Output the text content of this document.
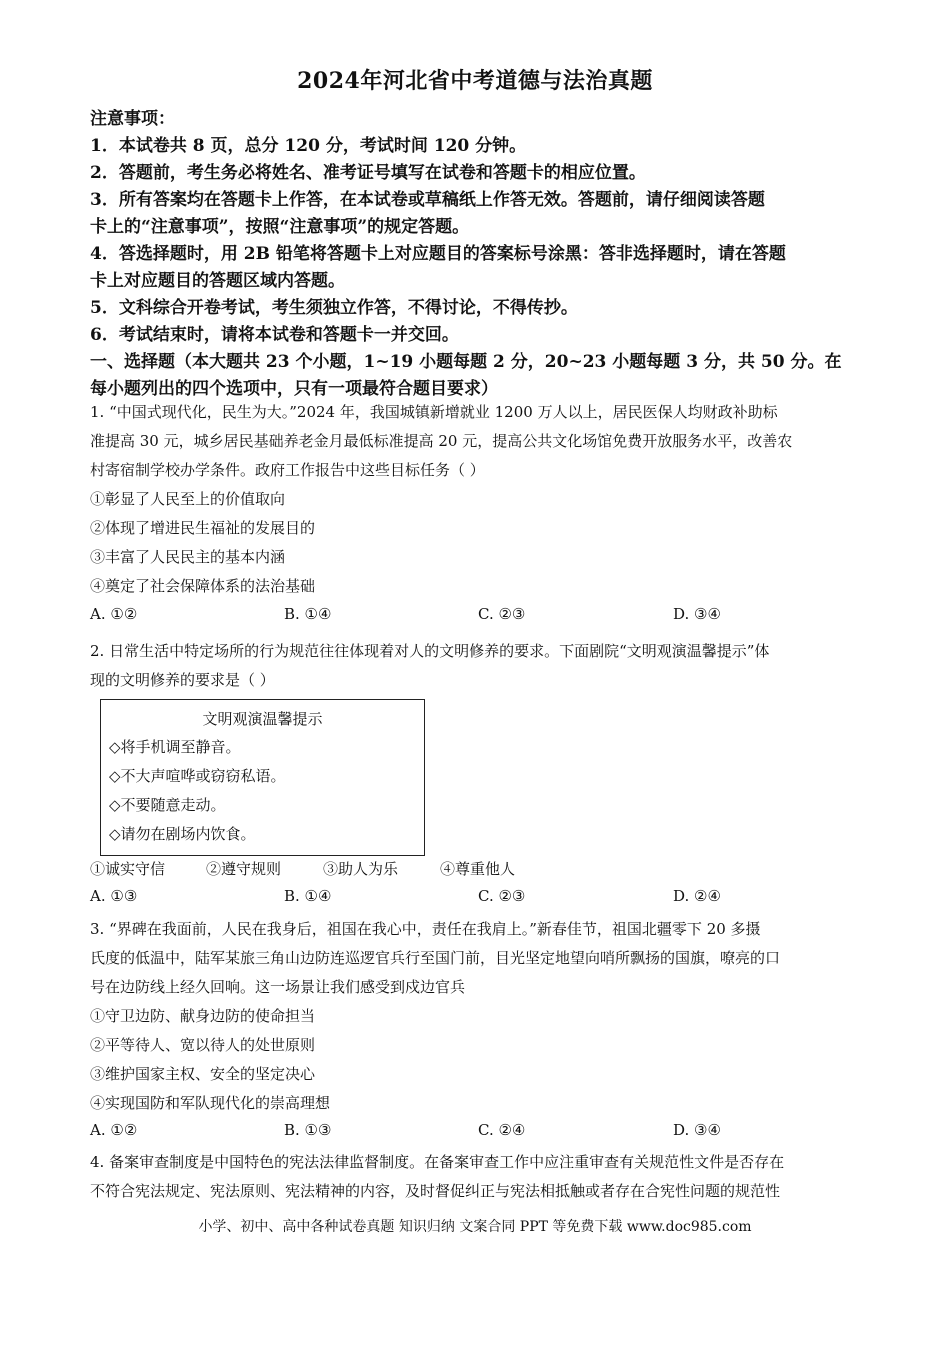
2024年河北省中考道德与法治真题
注意事项：
1．本试卷共 8 页，总分 120 分，考试时间 120 分钟。
2．答题前，考生务必将姓名、准考证号填写在试卷和答题卡的相应位置。
3．所有答案均在答题卡上作答，在本试卷或草稿纸上作答无效。答题前，请仔细阅读答题
卡上的“注意事项”，按照“注意事项”的规定答题。
4．答选择题时，用 2B 铅笔将答题卡上对应题目的答案标号涂黑：答非选择题时，请在答题
卡上对应题目的答题区域内答题。
5．文科综合开卷考试，考生须独立作答，不得讨论，不得传抄。
6．考试结束时，请将本试卷和答题卡一并交回。
一、选择题（本大题共 23 个小题，1~19 小题每题 2 分，20~23 小题每题 3 分，共 50 分。在
每小题列出的四个选项中，只有一项最符合题目要求）
1. “中国式现代化，民生为大。”2024 年，我国城镇新增就业 1200 万人以上，居民医保人均财政补助标
准提高 30 元，城乡居民基础养老金月最低标准提高 20 元，提高公共文化场馆免费开放服务水平，改善农
村寄宿制学校办学条件。政府工作报告中这些目标任务（ ）
①彰显了人民至上的价值取向
②体现了增进民生福祉的发展目的
③丰富了人民民主的基本内涵
④奠定了社会保障体系的法治基础
A. ①②	B. ①④	C. ②③	D. ③④
2. 日常生活中特定场所的行为规范往往体现着对人的文明修养的要求。下面剧院“文明观演温馨提示”体
现的文明修养的要求是（ ）
文明观演温馨提示
◇将手机调至静音。
◇不大声喧哗或窃窃私语。
◇不要随意走动。
◇请勿在剧场内饮食。
①诚实守信	②遵守规则	③助人为乐	④尊重他人
A. ①③	B. ①④	C. ②③	D. ②④
3. “界碑在我面前，人民在我身后，祖国在我心中，责任在我肩上。”新春佳节，祖国北疆零下 20 多摄
氏度的低温中，陆军某旅三角山边防连巡逻官兵行至国门前，目光坚定地望向哨所飘扬的国旗，嘹亮的口
号在边防线上经久回响。这一场景让我们感受到戍边官兵
①守卫边防、献身边防的使命担当
②平等待人、宽以待人的处世原则
③维护国家主权、安全的坚定决心
④实现国防和军队现代化的崇高理想
A. ①②	B. ①③	C. ②④	D. ③④
4. 备案审查制度是中国特色的宪法法律监督制度。在备案审查工作中应注重审查有关规范性文件是否存在
不符合宪法规定、宪法原则、宪法精神的内容，及时督促纠正与宪法相抵触或者存在合宪性问题的规范性
小学、初中、高中各种试卷真题 知识归纳 文案合同 PPT 等免费下载 www.doc985.com
